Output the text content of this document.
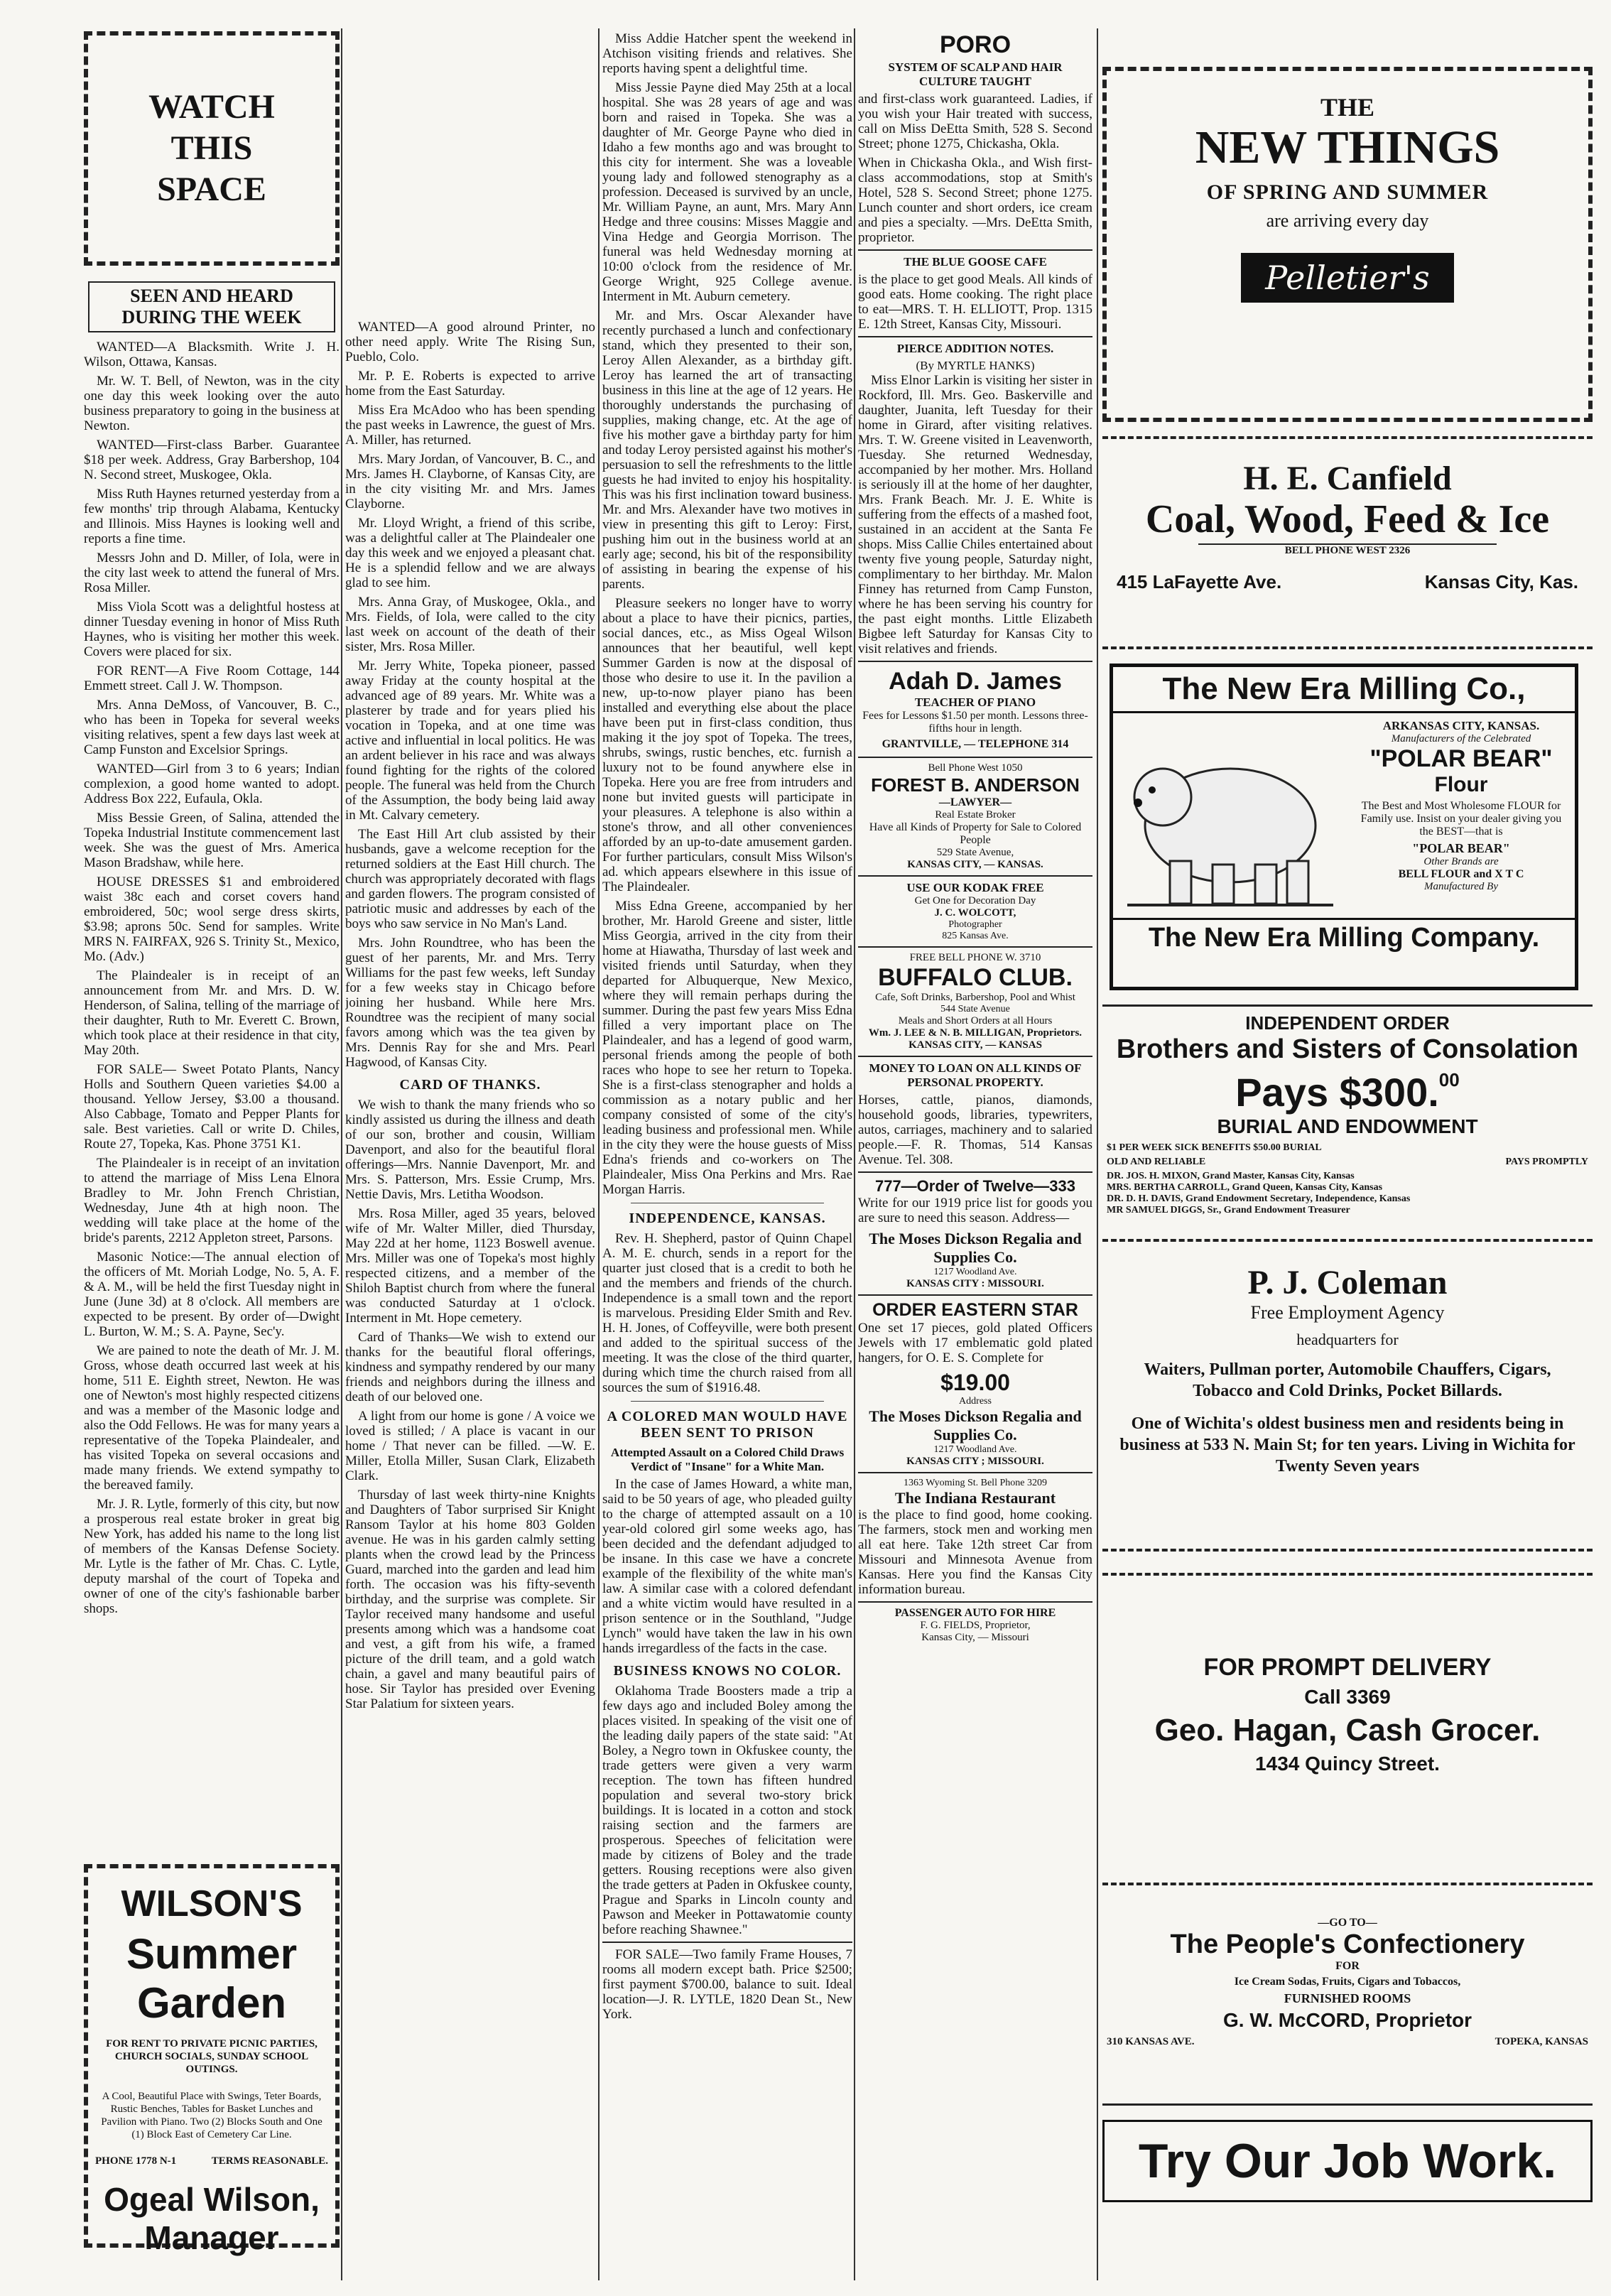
WATCH THIS SPACE
SEEN AND HEARD DURING THE WEEK
WANTED—A Blacksmith. Write J. H. Wilson, Ottawa, Kansas.
Mr. W. T. Bell, of Newton, was in the city one day this week looking over the auto business preparatory to going in the business at Newton.
WANTED—First-class Barber. Guarantee $18 per week. Address, Gray Barbershop, 104 N. Second street, Muskogee, Okla.
Miss Ruth Haynes returned yesterday from a few months' trip through Alabama, Kentucky and Illinois. Miss Haynes is looking well and reports a fine time.
Messrs John and D. Miller, of Iola, were in the city last week to attend the funeral of Mrs. Rosa Miller.
Miss Viola Scott was a delightful hostess at dinner Tuesday evening in honor of Miss Ruth Haynes, who is visiting her mother this week. Covers were placed for six.
FOR RENT—A Five Room Cottage, 144 Emmett street. Call J. W. Thompson.
Mrs. Anna DeMoss, of Vancouver, B. C., who has been in Topeka for several weeks visiting relatives, spent a few days last week at Camp Funston and Excelsior Springs.
WANTED—Girl from 3 to 6 years; Indian complexion, a good home wanted to adopt. Address Box 222, Eufaula, Okla.
Miss Bessie Green, of Salina, attended the Topeka Industrial Institute commencement last week. She was the guest of Mrs. America Mason Bradshaw, while here.
HOUSE DRESSES $1 and embroidered waist 38c each and corset covers hand embroidered, 50c; wool serge dress skirts, $3.98; aprons 50c. Send for samples. Write MRS N. FAIRFAX, 926 S. Trinity St., Mexico, Mo. (Adv.)
The Plaindealer is in receipt of an announcement from Mr. and Mrs. D. W. Henderson, of Salina, telling of the marriage of their daughter, Ruth to Mr. Everett C. Brown, which took place at their residence in that city, May 20th.
FOR SALE— Sweet Potato Plants, Nancy Holls and Southern Queen varieties $4.00 a thousand. Yellow Jersey, $3.00 a thousand. Also Cabbage, Tomato and Pepper Plants for sale. Best varieties. Call or write D. Chiles, Route 27, Topeka, Kas. Phone 3751 K1.
The Plaindealer is in receipt of an invitation to attend the marriage of Miss Lena Elnora Bradley to Mr. John French Christian, Wednesday, June 4th at high noon. The wedding will take place at the home of the bride's parents, 2212 Appleton street, Parsons.
Masonic Notice:—The annual election of the officers of Mt. Moriah Lodge, No. 5, A. F. & A. M., will be held the first Tuesday night in June (June 3d) at 8 o'clock. All members are expected to be present. By order of—Dwight L. Burton, W. M.; S. A. Payne, Sec'y.
We are pained to note the death of Mr. J. M. Gross, whose death occurred last week at his home, 511 E. Eighth street, Newton. He was one of Newton's most highly respected citizens and was a member of the Masonic lodge and also the Odd Fellows. He was for many years a representative of the Topeka Plaindealer, and has visited Topeka on several occasions and made many friends. We extend sympathy to the bereaved family.
Mr. J. R. Lytle, formerly of this city, but now a prosperous real estate broker in great big New York, has added his name to the long list of members of the Kansas Defense Society. Mr. Lytle is the father of Mr. Chas. C. Lytle, deputy marshal of the court of Topeka and owner of one of the city's fashionable barber shops.
WILSON'S
Summer Garden
FOR RENT TO PRIVATE PICNIC PARTIES, CHURCH SOCIALS, SUNDAY SCHOOL OUTINGS.
A Cool, Beautiful Place with Swings, Teter Boards, Rustic Benches, Tables for Basket Lunches and Pavilion with Piano. Two (2) Blocks South and One (1) Block East of Cemetery Car Line.
PHONE 1778 N-1	TERMS REASONABLE.
Ogeal Wilson, Manager
WANTED—A good alround Printer, no other need apply. Write The Rising Sun, Pueblo, Colo.
Mr. P. E. Roberts is expected to arrive home from the East Saturday.
Miss Era McAdoo who has been spending the past weeks in Lawrence, the guest of Mrs. A. Miller, has returned.
Mrs. Mary Jordan, of Vancouver, B. C., and Mrs. James H. Clayborne, of Kansas City, are in the city visiting Mr. and Mrs. James Clayborne.
Mr. Lloyd Wright, a friend of this scribe, was a delightful caller at The Plaindealer one day this week and we enjoyed a pleasant chat. He is a splendid fellow and we are always glad to see him.
Mrs. Anna Gray, of Muskogee, Okla., and Mrs. Fields, of Iola, were called to the city last week on account of the death of their sister, Mrs. Rosa Miller.
Mr. Jerry White, Topeka pioneer, passed away Friday at the county hospital at the advanced age of 89 years. Mr. White was a plasterer by trade and for years plied his vocation in Topeka, and at one time was active and influential in local politics. He was an ardent believer in his race and was always found fighting for the rights of the colored people. The funeral was held from the Church of the Assumption, the body being laid away in Mt. Calvary cemetery.
The East Hill Art club assisted by their husbands, gave a welcome reception for the returned soldiers at the East Hill church. The church was appropriately decorated with flags and garden flowers. The program consisted of patriotic music and addresses by each of the boys who saw service in No Man's Land.
Mrs. John Roundtree, who has been the guest of her parents, Mr. and Mrs. Terry Williams for the past few weeks, left Sunday for a few weeks stay in Chicago before joining her husband. While here Mrs. Roundtree was the recipient of many social favors among which was the tea given by Mrs. Dennis Ray for she and Mrs. Pearl Hagwood, of Kansas City.
CARD OF THANKS.
We wish to thank the many friends who so kindly assisted us during the illness and death of our son, brother and cousin, William Davenport, and also for the beautiful floral offerings—Mrs. Nannie Davenport, Mr. and Mrs. S. Patterson, Mrs. Essie Crump, Mrs. Nettie Davis, Mrs. Letitha Woodson.
Mrs. Rosa Miller, aged 35 years, beloved wife of Mr. Walter Miller, died Thursday, May 22d at her home, 1123 Boswell avenue. Mrs. Miller was one of Topeka's most highly respected citizens, and a member of the Shiloh Baptist church from where the funeral was conducted Saturday at 1 o'clock. Interment in Mt. Hope cemetery.
Card of Thanks—We wish to extend our thanks for the beautiful floral offerings, kindness and sympathy rendered by our many friends and neighbors during the illness and death of our beloved one.
A light from our home is gone / A voice we loved is stilled; / A place is vacant in our home / That never can be filled. —W. E. Miller, Etolla Miller, Susan Clark, Elizabeth Clark.
Thursday of last week thirty-nine Knights and Daughters of Tabor surprised Sir Knight Ransom Taylor at his home 803 Golden avenue. He was in his garden calmly setting plants when the crowd lead by the Princess Guard, marched into the garden and lead him forth. The occasion was his fifty-seventh birthday, and the surprise was complete. Sir Taylor received many handsome and useful presents among which was a handsome coat and vest, a gift from his wife, a framed picture of the drill team, and a gold watch chain, a gavel and many beautiful pairs of hose. Sir Taylor has presided over Evening Star Palatium for sixteen years.
Miss Addie Hatcher spent the weekend in Atchison visiting friends and relatives. She reports having spent a delightful time.
Miss Jessie Payne died May 25th at a local hospital. She was 28 years of age and was born and raised in Topeka. She was a daughter of Mr. George Payne who died in Idaho a few months ago and was brought to this city for interment. She was a loveable young lady and followed stenography as a profession. Deceased is survived by an uncle, Mr. William Payne, an aunt, Mrs. Mary Ann Hedge and three cousins: Misses Maggie and Vina Hedge and Georgia Morrison. The funeral was held Wednesday morning at 10:00 o'clock from the residence of Mr. George Wright, 925 College avenue. Interment in Mt. Auburn cemetery.
Mr. and Mrs. Oscar Alexander have recently purchased a lunch and confectionary stand, which they presented to their son, Leroy Allen Alexander, as a birthday gift. Leroy has learned the art of transacting business in this line at the age of 12 years. He thoroughly understands the purchasing of supplies, making change, etc. At the age of five his mother gave a birthday party for him and today Leroy persisted against his mother's persuasion to sell the refreshments to the little guests he had invited to enjoy his hospitality. This was his first inclination toward business. Mr. and Mrs. Alexander have two motives in view in presenting this gift to Leroy: First, pushing him out in the business world at an early age; second, his bit of the responsibility of assisting in bearing the expense of his parents.
Pleasure seekers no longer have to worry about a place to have their picnics, parties, social dances, etc., as Miss Ogeal Wilson announces that her beautiful, well kept Summer Garden is now at the disposal of those who desire to use it. In the pavilion a new, up-to-now player piano has been installed and everything else about the place have been put in first-class condition, thus making it the joy spot of Topeka. The trees, shrubs, swings, rustic benches, etc. furnish a luxury not to be found anywhere else in Topeka. Here you are free from intruders and none but invited guests will participate in your pleasures. A telephone is also within a stone's throw, and all other conveniences afforded by an up-to-date amusement garden. For further particulars, consult Miss Wilson's ad. which appears elsewhere in this issue of The Plaindealer.
Miss Edna Greene, accompanied by her brother, Mr. Harold Greene and sister, little Miss Georgia, arrived in the city from their home at Hiawatha, Thursday of last week and visited friends until Saturday, when they departed for Albuquerque, New Mexico, where they will remain perhaps during the summer. During the past few years Miss Edna filled a very important place on The Plaindealer, and has a legend of good warm, personal friends among the people of both races who hope to see her return to Topeka. She is a first-class stenographer and holds a commission as a notary public and her company consisted of some of the city's leading business and professional men. While in the city they were the house guests of Miss Edna's friends and co-workers on The Plaindealer, Miss Ona Perkins and Mrs. Rae Morgan Harris.
INDEPENDENCE, KANSAS.
Rev. H. Shepherd, pastor of Quinn Chapel A. M. E. church, sends in a report for the quarter just closed that is a credit to both he and the members and friends of the church. Independence is a small town and the report is marvelous. Presiding Elder Smith and Rev. H. H. Jones, of Coffeyville, were both present and added to the spiritual success of the meeting. It was the close of the third quarter, during which time the church raised from all sources the sum of $1916.48.
A COLORED MAN WOULD HAVE BEEN SENT TO PRISON
Attempted Assault on a Colored Child Draws Verdict of "Insane" for a White Man.
In the case of James Howard, a white man, said to be 50 years of age, who pleaded guilty to the charge of attempted assault on a 10 year-old colored girl some weeks ago, has been decided and the defendant adjudged to be insane. In this case we have a concrete example of the flexibility of the white man's law. A similar case with a colored defendant and a white victim would have resulted in a prison sentence or in the Southland, "Judge Lynch" would have taken the law in his own hands irregardless of the facts in the case.
BUSINESS KNOWS NO COLOR.
Oklahoma Trade Boosters made a trip a few days ago and included Boley among the places visited. In speaking of the visit one of the leading daily papers of the state said: "At Boley, a Negro town in Okfuskee county, the trade getters were given a very warm reception. The town has fifteen hundred population and several two-story brick buildings. It is located in a cotton and stock raising section and the farmers are prosperous. Speeches of felicitation were made by citizens of Boley and the trade getters. Rousing receptions were also given the trade getters at Paden in Okfuskee county, Prague and Sparks in Lincoln county and Pawson and Meeker in Pottawatomie county before reaching Shawnee."
FOR SALE—Two family Frame Houses, 7 rooms all modern except bath. Price $2500; first payment $700.00, balance to suit. Ideal location—J. R. LYTLE, 1820 Dean St., New York.
PORO
SYSTEM OF SCALP AND HAIR CULTURE TAUGHT
and first-class work guaranteed. Ladies, if you wish your Hair treated with success, call on Miss DeEtta Smith, 528 S. Second Street; phone 1275, Chickasha, Okla.
When in Chickasha Okla., and Wish first-class accommodations, stop at Smith's Hotel, 528 S. Second Street; phone 1275. Lunch counter and short orders, ice cream and pies a specialty. —Mrs. DeEtta Smith, proprietor.
THE BLUE GOOSE CAFE
is the place to get good Meals. All kinds of good eats. Home cooking. The right place to eat—MRS. T. H. ELLIOTT, Prop. 1315 E. 12th Street, Kansas City, Missouri.
PIERCE ADDITION NOTES.
(By MYRTLE HANKS)
Miss Elnor Larkin is visiting her sister in Rockford, Ill. Mrs. Geo. Baskerville and daughter, Juanita, left Tuesday for their home in Girard, after visiting relatives. Mrs. T. W. Greene visited in Leavenworth, Tuesday. She returned Wednesday, accompanied by her mother. Mrs. Holland is seriously ill at the home of her daughter, Mrs. Frank Beach. Mr. J. E. White is suffering from the effects of a mashed foot, sustained in an accident at the Santa Fe shops. Miss Callie Chiles entertained about twenty five young people, Saturday night, complimentary to her birthday. Mr. Malon Finney has returned from Camp Funston, where he has been serving his country for the past eight months. Little Elizabeth Bigbee left Saturday for Kansas City to visit relatives and friends.
Adah D. James
TEACHER OF PIANO
Fees for Lessons $1.50 per month. Lessons three-fifths hour in length.
GRANTVILLE, — TELEPHONE 314
Bell Phone West 1050
FOREST B. ANDERSON
—LAWYER—
Real Estate Broker
Have all Kinds of Property for Sale to Colored People
529 State Avenue,
KANSAS CITY, — KANSAS.
USE OUR KODAK FREE
Get One for Decoration Day
J. C. WOLCOTT,
Photographer
825 Kansas Ave.
FREE BELL PHONE W. 3710
BUFFALO CLUB.
Cafe, Soft Drinks, Barbershop, Pool and Whist
544 State Avenue
Meals and Short Orders at all Hours
Wm. J. LEE & N. B. MILLIGAN, Proprietors.
KANSAS CITY, — KANSAS
MONEY TO LOAN ON ALL KINDS OF PERSONAL PROPERTY.
Horses, cattle, pianos, diamonds, household goods, libraries, typewriters, autos, carriages, machinery and to salaried people.—F. R. Thomas, 514 Kansas Avenue. Tel. 308.
777—Order of Twelve—333
Write for our 1919 price list for goods you are sure to need this season. Address—
The Moses Dickson Regalia and Supplies Co.
1217 Woodland Ave.
KANSAS CITY : MISSOURI.
ORDER EASTERN STAR
One set 17 pieces, gold plated Officers Jewels with 17 emblematic gold plated hangers, for O. E. S. Complete for
$19.00
Address
The Moses Dickson Regalia and Supplies Co.
1217 Woodland Ave.
KANSAS CITY ; MISSOURI.
1363 Wyoming St. Bell Phone 3209
The Indiana Restaurant
is the place to find good, home cooking. The farmers, stock men and working men all eat here. Take 12th street Car from Missouri and Minnesota Avenue from Kansas. Here you find the Kansas City information bureau.
PASSENGER AUTO FOR HIRE
F. G. FIELDS, Proprietor,
Kansas City, — Missouri
THE
NEW THINGS
OF SPRING AND SUMMER
are arriving every day
Pelletier's
H. E. Canfield
Coal, Wood, Feed & Ice
BELL PHONE WEST 2326
415 LaFayette Ave.	Kansas City, Kas.
The New Era Milling Co.,
ARKANSAS CITY, KANSAS.
Manufacturers of the Celebrated
"POLAR BEAR"
Flour
The Best and Most Wholesome FLOUR for Family use. Insist on your dealer giving you the BEST—that is
"POLAR BEAR"
Other Brands are
BELL FLOUR and X T C
Manufactured By
The New Era Milling Company.
INDEPENDENT ORDER
Brothers and Sisters of Consolation
Pays $300.00
BURIAL AND ENDOWMENT
$1 PER WEEK SICK BENEFITS $50.00 BURIAL
OLD AND RELIABLE	PAYS PROMPTLY
DR. JOS. H. MIXON, Grand Master, Kansas City, Kansas
MRS. BERTHA CARROLL, Grand Queen, Kansas City, Kansas
DR. D. H. DAVIS, Grand Endowment Secretary, Independence, Kansas
MR SAMUEL DIGGS, Sr., Grand Endowment Treasurer
P. J. Coleman
Free Employment Agency
headquarters for
Waiters, Pullman porter, Automobile Chauffers, Cigars, Tobacco and Cold Drinks, Pocket Billards.
One of Wichita's oldest business men and residents being in business at 533 N. Main St; for ten years. Living in Wichita for Twenty Seven years
FOR PROMPT DELIVERY
Call 3369
Geo. Hagan, Cash Grocer.
1434 Quincy Street.
—GO TO—
The People's Confectionery
FOR
Ice Cream Sodas, Fruits, Cigars and Tobaccos,
FURNISHED ROOMS
G. W. McCORD, Proprietor
310 KANSAS AVE.	TOPEKA, KANSAS
Try Our Job Work.
